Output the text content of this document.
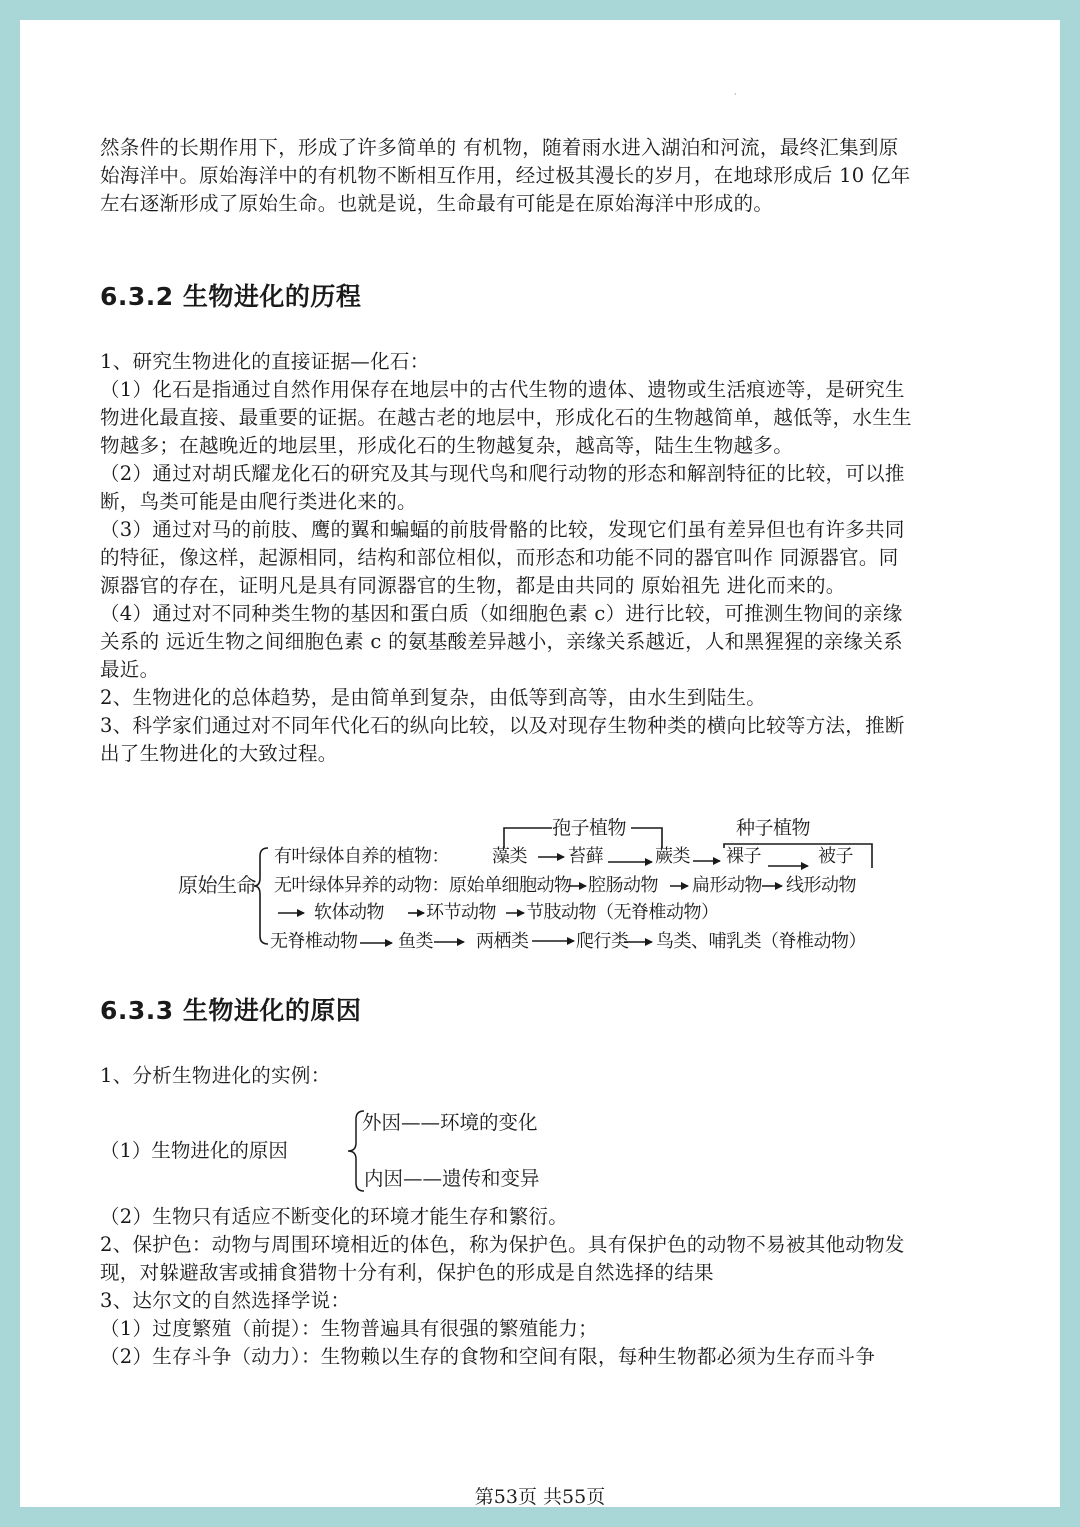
·

然条件的长期作用下，形成了许多简单的 有机物，随着雨水进入湖泊和河流，最终汇集到原

始海洋中。原始海洋中的有机物不断相互作用，经过极其漫长的岁月，在地球形成后 10 亿年

左右逐渐形成了原始生命。也就是说，生命最有可能是在原始海洋中形成的。

6.3.2 生物进化的历程

1、研究生物进化的直接证据—化石：

（1）化石是指通过自然作用保存在地层中的古代生物的遗体、遗物或生活痕迹等，是研究生

物进化最直接、最重要的证据。在越古老的地层中，形成化石的生物越简单，越低等，水生生

物越多；在越晚近的地层里，形成化石的生物越复杂，越高等，陆生生物越多。

（2）通过对胡氏耀龙化石的研究及其与现代鸟和爬行动物的形态和解剖特征的比较，可以推

断，鸟类可能是由爬行类进化来的。

（3）通过对马的前肢、鹰的翼和蝙蝠的前肢骨骼的比较，发现它们虽有差异但也有许多共同

的特征，像这样，起源相同，结构和部位相似，而形态和功能不同的器官叫作 同源器官。同

源器官的存在，证明凡是具有同源器官的生物，都是由共同的 原始祖先 进化而来的。

（4）通过对不同种类生物的基因和蛋白质（如细胞色素 c）进行比较，可推测生物间的亲缘

关系的 远近生物之间细胞色素 c 的氨基酸差异越小，亲缘关系越近，人和黑猩猩的亲缘关系

最近。

2、生物进化的总体趋势，是由简单到复杂，由低等到高等，由水生到陆生。

3、科学家们通过对不同年代化石的纵向比较，以及对现存生物种类的横向比较等方法，推断

出了生物进化的大致过程。

原始生命
孢子植物	种子植物
有叶绿体自养的植物： 藻类 苔藓	蕨类 裸子	被子
无叶绿体异养的动物：原始单细胞动物 腔肠动物 扁形动物 线形动物
软体动物 环节动物 节肢动物（无脊椎动物）
无脊椎动物 鱼类 两栖类	爬行类 鸟类、哺乳类（脊椎动物）
6.3.3 生物进化的原因

1、分析生物进化的实例：

（1）生物进化的原因
外因——环境的变化
内因——遗传和变异

（2）生物只有适应不断变化的环境才能生存和繁衍。

2、保护色：动物与周围环境相近的体色，称为保护色。具有保护色的动物不易被其他动物发

现，对躲避敌害或捕食猎物十分有利，保护色的形成是自然选择的结果

3、达尔文的自然选择学说：

（1）过度繁殖（前提）：生物普遍具有很强的繁殖能力；

（2）生存斗争（动力）：生物赖以生存的食物和空间有限，每种生物都必须为生存而斗争

第53页 共55页
